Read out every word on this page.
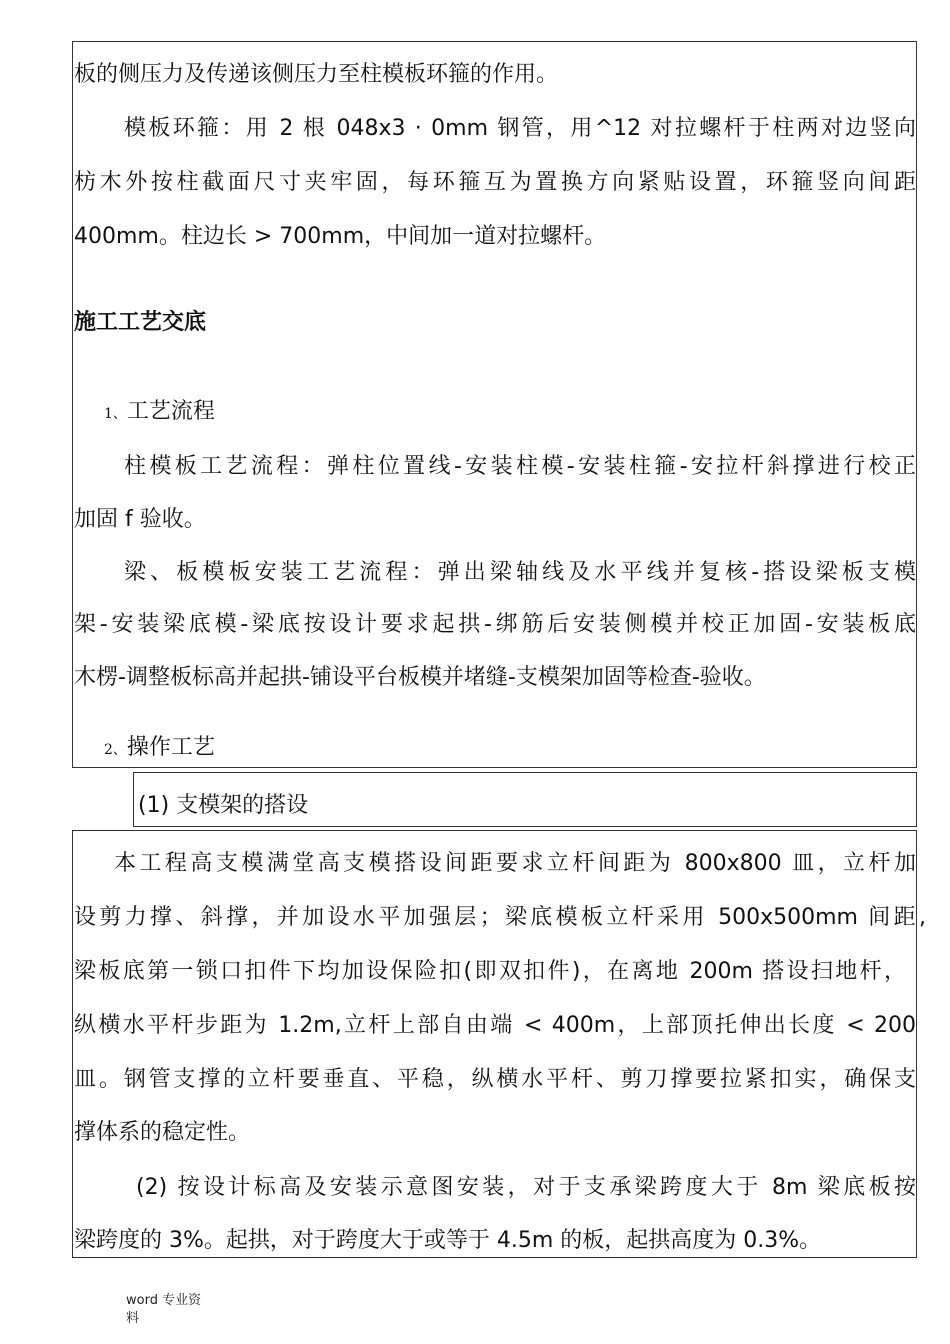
板的侧压力及传递该侧压力至柱模板环箍的作用。
模板环箍：用 2 根 048x3 · 0mm 钢管，用^12 对拉螺杆于柱两对边竖向
枋木外按柱截面尺寸夹牢固，每环箍互为置换方向紧贴设置，环箍竖向间距
400mm。柱边长 > 700mm，中间加一道对拉螺杆。
施工工艺交底
1、工艺流程
柱模板工艺流程：弹柱位置线-安装柱模-安装柱箍-安拉杆斜撑进行校正
加固 f 验收。
梁、板模板安装工艺流程：弹出梁轴线及水平线并复核-搭设梁板支模
架-安装梁底模-梁底按设计要求起拱-绑筋后安装侧模并校正加固-安装板底
木楞-调整板标高并起拱-铺设平台板模并堵缝-支模架加固等检查-验收。
2、操作工艺
(1) 支模架的搭设
本工程高支模满堂高支模搭设间距要求立杆间距为 800x800 皿，立杆加
设剪力撑、斜撑，并加设水平加强层；梁底模板立杆采用 500x500mm 间距,
梁板底第一锁口扣件下均加设保险扣(即双扣件)，在离地 200m 搭设扫地杆，
纵横水平杆步距为 1.2m,立杆上部自由端 < 400m，上部顶托伸出长度 < 200
皿。钢管支撑的立杆要垂直、平稳，纵横水平杆、剪刀撑要拉紧扣实，确保支
撑体系的稳定性。
(2) 按设计标高及安装示意图安装，对于支承梁跨度大于 8m 梁底板按
梁跨度的 3%。起拱，对于跨度大于或等于 4.5m 的板，起拱高度为 0.3%。
word 专业资
料
